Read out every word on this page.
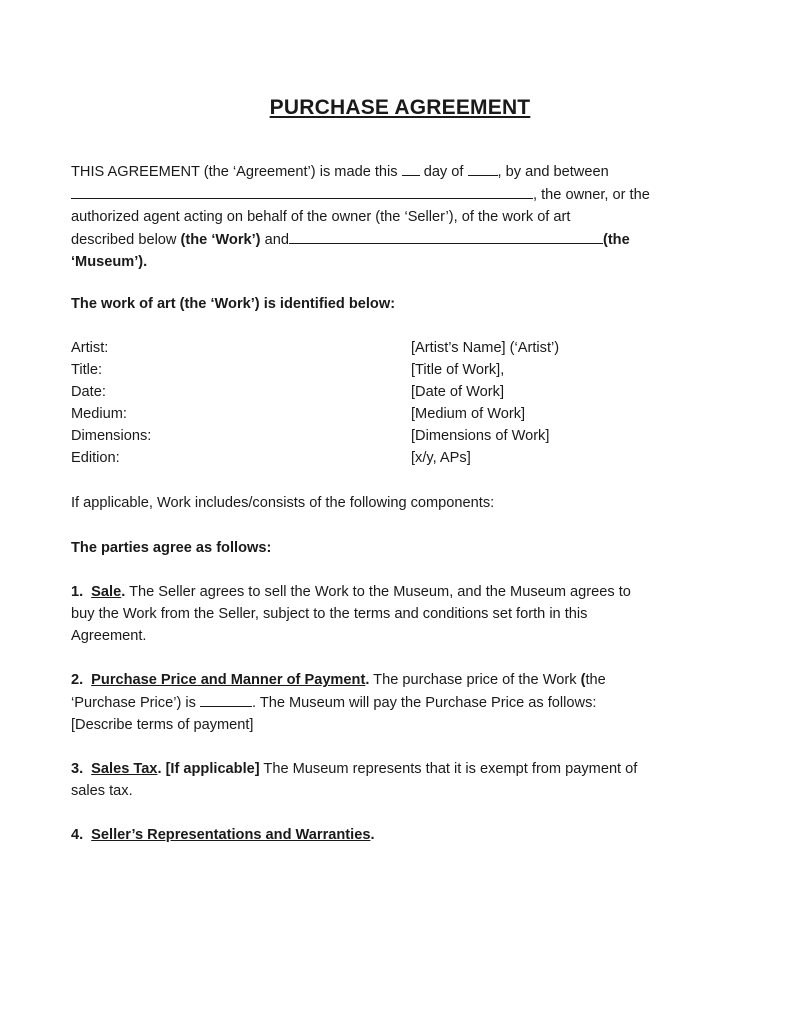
PURCHASE AGREEMENT
THIS AGREEMENT (the ‘Agreement’) is made this day of , by and between
, the owner, or the
authorized agent acting on behalf of the owner (the ‘Seller’), of the work of art
described below (the ‘Work’) and	(the
‘Museum’).
The work of art (the ‘Work’) is identified below:
Artist:	[Artist’s Name] (‘Artist’)
Title:	[Title of Work],
Date:	[Date of Work]
Medium:	[Medium of Work]
Dimensions:	[Dimensions of Work]
Edition:	[x/y, APs]
If applicable, Work includes/consists of the following components:
The parties agree as follows:
1. Sale. The Seller agrees to sell the Work to the Museum, and the Museum agrees to
buy the Work from the Seller, subject to the terms and conditions set forth in this
Agreement.
2. Purchase Price and Manner of Payment. The purchase price of the Work (the
‘Purchase Price’) is	. The Museum will pay the Purchase Price as follows:
[Describe terms of payment]
3. Sales Tax. [If applicable] The Museum represents that it is exempt from payment of
sales tax.
4. Seller’s Representations and Warranties.
